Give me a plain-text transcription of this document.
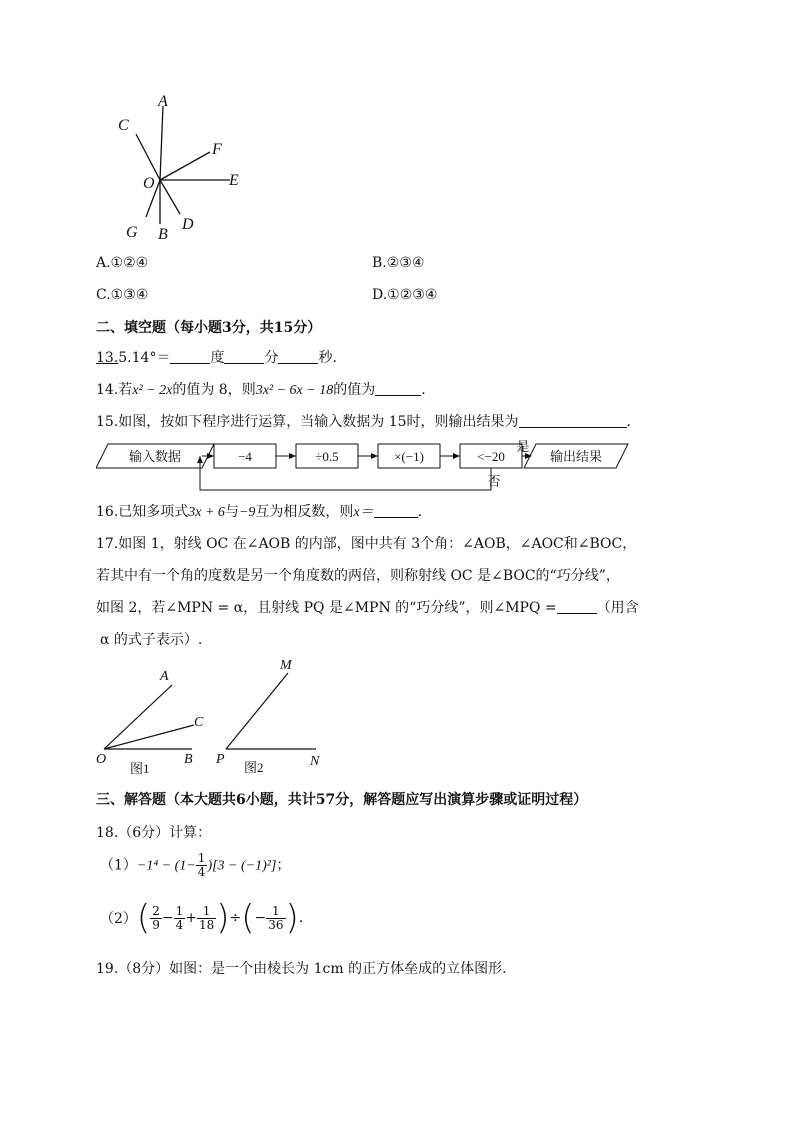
A
C
F
O	E
G B
D
A.①②④	B.②③④
C.①③④	D.①②③④
二、填空题（每小题3分，共15分）
13.5.14°＝	度	分	秒.
14.若x² − 2x的值为 8，则3x² − 6x − 18的值为	.
15.如图，按如下程序进行运算，当输入数据为 15时，则输出结果为	.
输入数据	−4	÷0.5	×(−1)	<−20	输出结果
是
否
16.已知多项式3x + 6与−9互为相反数，则x＝	.
17.如图 1，射线 OC 在∠AOB 的内部，图中共有 3个角：∠AOB，∠AOC和∠BOC，
若其中有一个角的度数是另一个角度数的两倍，则称射线 OC 是∠BOC的“巧分线”，
如图 2，若∠MPN = α，且射线 PQ 是∠MPN 的“巧分线”，则∠MPQ =	（用含
α 的式子表示）.
A
C
O	B
M
P	N
图1	图2
三、解答题（本大题共6小题，共计57分，解答题应写出演算步骤或证明过程）
18.（6分）计算：
$(1)-1^4 - (1- \frac{1}{4} )[3 - (-1)^2]$；
$(2)( \frac{2}{9} - \frac{1}{4} + \frac{1}{18}$ )÷(− $\frac{1}{36}$ ).
19.（8分）如图：是一个由棱长为 1cm 的正方体垒成的立体图形.
